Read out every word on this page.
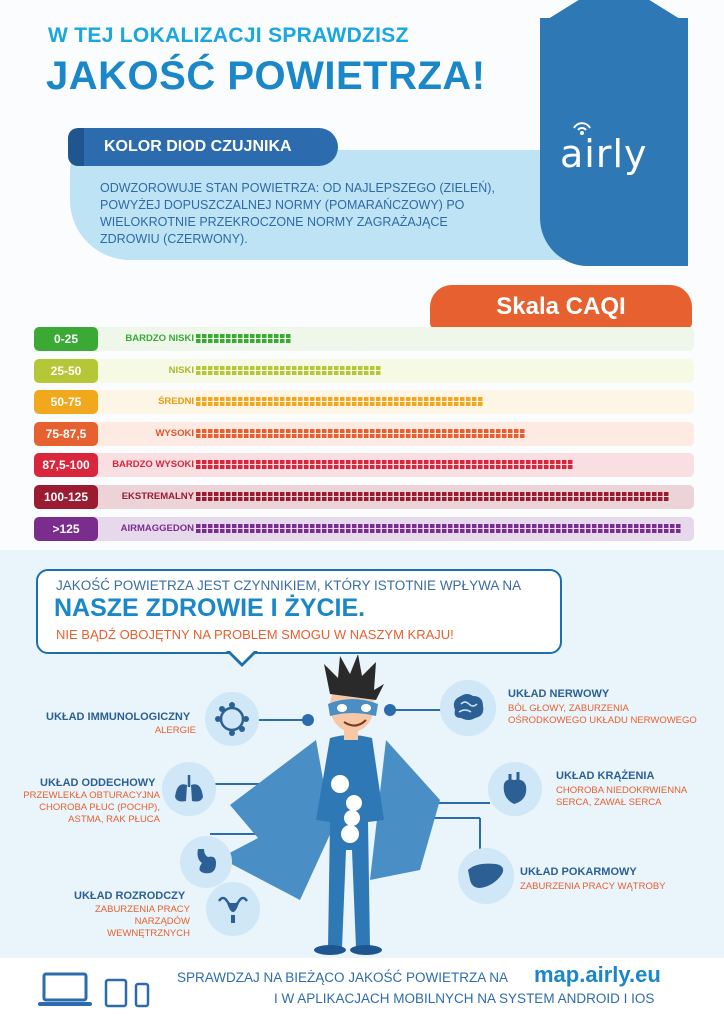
W TEJ LOKALIZACJI SPRAWDZISZ
JAKOŚĆ POWIETRZA!
airly
KOLOR DIOD CZUJNIKA
ODWZOROWUJE STAN POWIETRZA: OD NAJLEPSZEGO (ZIELEŃ), POWYŻEJ DOPUSZCZALNEJ NORMY (POMARAŃCZOWY) PO WIELOKROTNIE PRZEKROCZONE NORMY ZAGRAŻAJĄCE ZDROWIU (CZERWONY).
Skala CAQI
0-25	BARDZO NISKI
25-50	NISKI
50-75	ŚREDNI
75-87,5	WYSOKI
87,5-100	BARDZO WYSOKI
100-125	EKSTREMALNY
>125	AIRMAGGEDON
JAKOŚĆ POWIETRZA JEST CZYNNIKIEM, KTÓRY ISTOTNIE WPŁYWA NA
NASZE ZDROWIE I ŻYCIE.
NIE BĄDŹ OBOJĘTNY NA PROBLEM SMOGU W NASZYM KRAJU!
UKŁAD IMMUNOLOGICZNY
ALERGIE
UKŁAD ODDECHOWY
PRZEWLEKŁA OBTURACYJNA CHOROBA PŁUC (POCHP), ASTMA, RAK PŁUCA
UKŁAD ROZRODCZY
ZABURZENIA PRACY NARZĄDÓW WEWNĘTRZNYCH
UKŁAD NERWOWY
BÓL GŁOWY, ZABURZENIA OŚRODKOWEGO UKŁADU NERWOWEGO
UKŁAD KRĄŻENIA
CHOROBA NIEDOKRWIENNA SERCA, ZAWAŁ SERCA
UKŁAD POKARMOWY
ZABURZENIA PRACY WĄTROBY
SPRAWDZAJ NA BIEŻĄCO JAKOŚĆ POWIETRZA NA map.airly.eu
I W APLIKACJACH MOBILNYCH NA SYSTEM ANDROID I IOS
